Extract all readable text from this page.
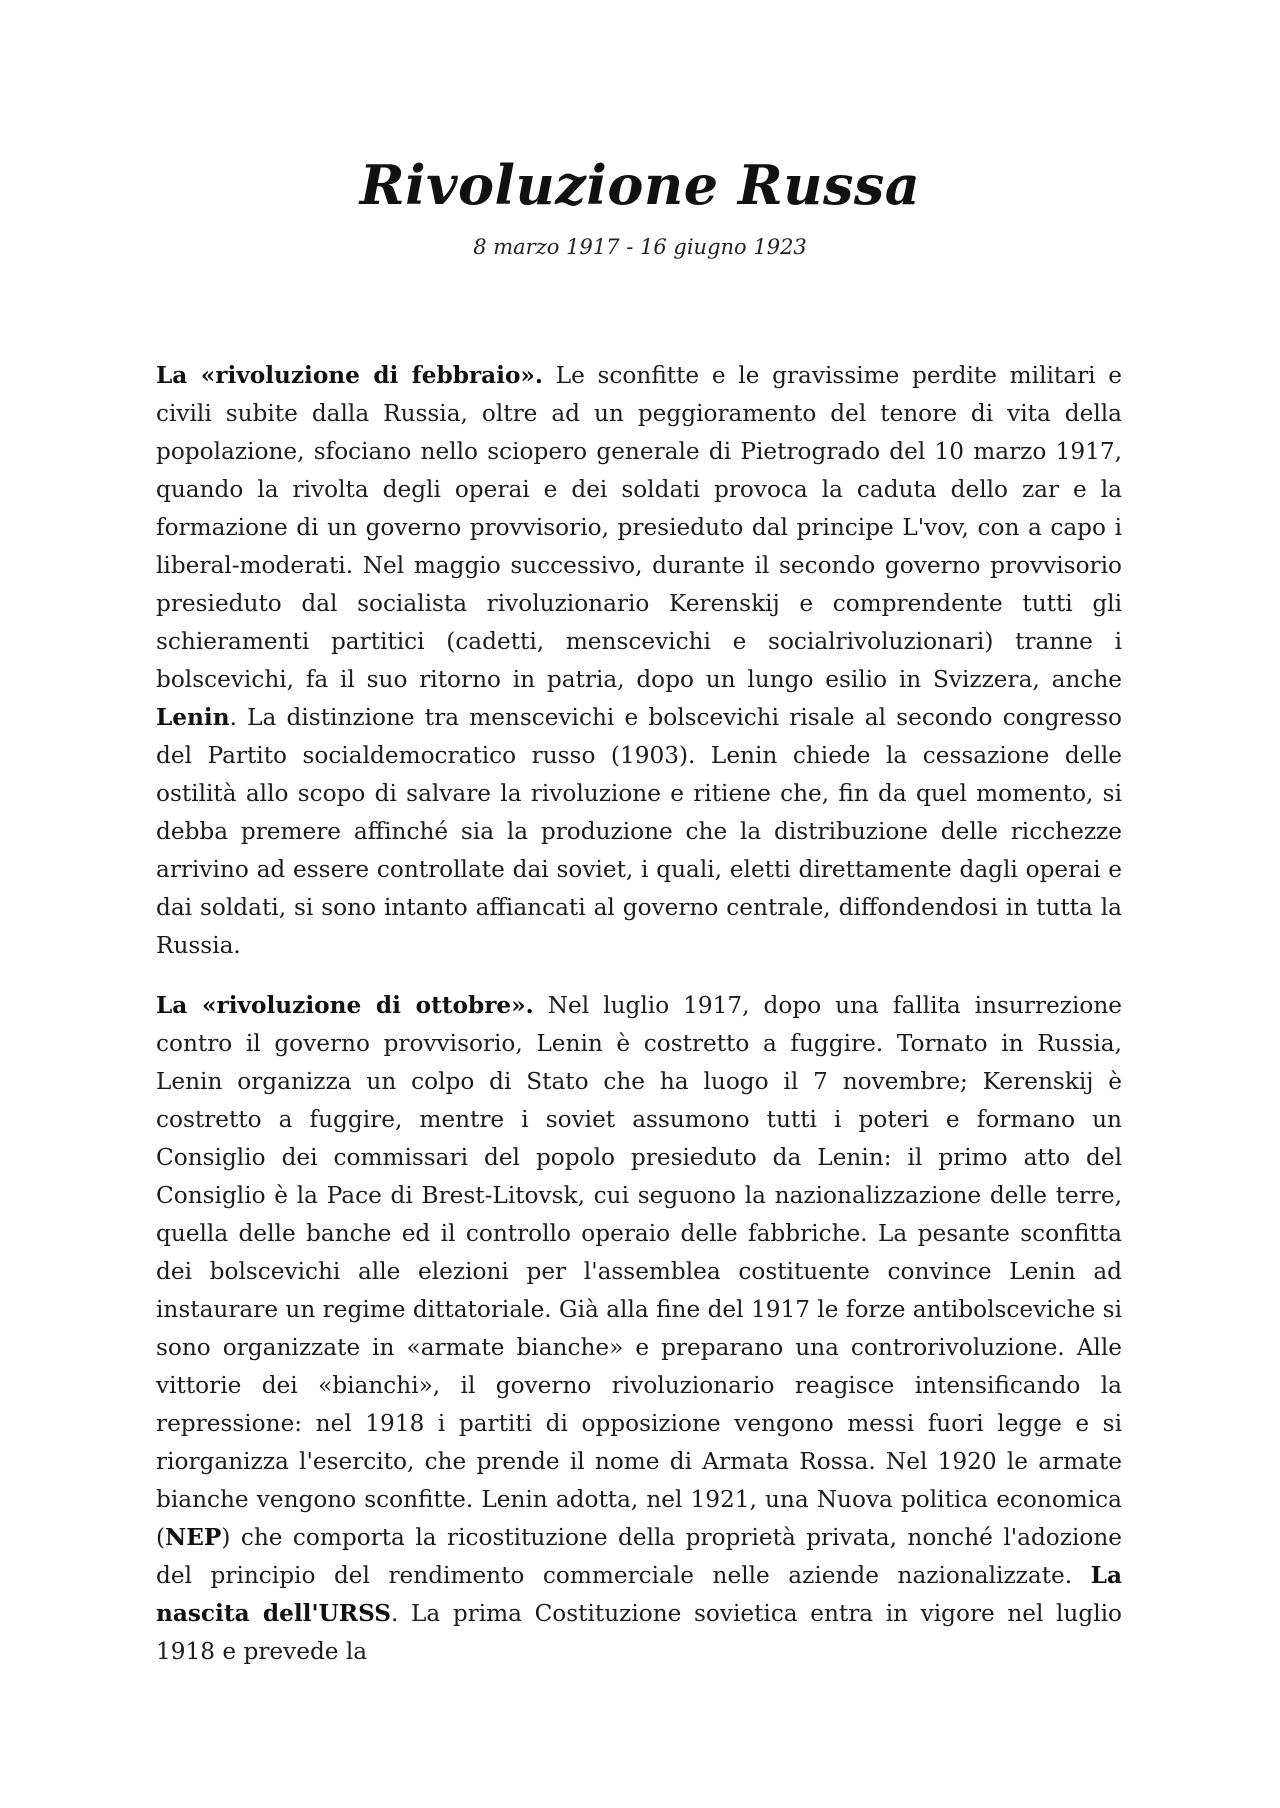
Rivoluzione Russa

8 marzo 1917 - 16 giugno 1923

La «rivoluzione di febbraio». Le sconfitte e le gravissime perdite militari e civili subite dalla Russia, oltre ad un peggioramento del tenore di vita della popolazione, sfociano nello sciopero generale di Pietrogrado del 10 marzo 1917, quando la rivolta degli operai e dei soldati provoca la caduta dello zar e la formazione di un governo provvisorio, presieduto dal principe L'vov, con a capo i liberal-moderati. Nel maggio successivo, durante il secondo governo provvisorio presieduto dal socialista rivoluzionario Kerenskij e comprendente tutti gli schieramenti partitici (cadetti, menscevichi e socialrivoluzionari) tranne i bolscevichi, fa il suo ritorno in patria, dopo un lungo esilio in Svizzera, anche Lenin. La distinzione tra menscevichi e bolscevichi risale al secondo congresso del Partito socialdemocratico russo (1903). Lenin chiede la cessazione delle ostilità allo scopo di salvare la rivoluzione e ritiene che, fin da quel momento, si debba premere affinché sia la produzione che la distribuzione delle ricchezze arrivino ad essere controllate dai soviet, i quali, eletti direttamente dagli operai e dai soldati, si sono intanto affiancati al governo centrale, diffondendosi in tutta la Russia.

La «rivoluzione di ottobre». Nel luglio 1917, dopo una fallita insurrezione contro il governo provvisorio, Lenin è costretto a fuggire. Tornato in Russia, Lenin organizza un colpo di Stato che ha luogo il 7 novembre; Kerenskij è costretto a fuggire, mentre i soviet assumono tutti i poteri e formano un Consiglio dei commissari del popolo presieduto da Lenin: il primo atto del Consiglio è la Pace di Brest-Litovsk, cui seguono la nazionalizzazione delle terre, quella delle banche ed il controllo operaio delle fabbriche. La pesante sconfitta dei bolscevichi alle elezioni per l'assemblea costituente convince Lenin ad instaurare un regime dittatoriale. Già alla fine del 1917 le forze antibolsceviche si sono organizzate in «armate bianche» e preparano una controrivoluzione. Alle vittorie dei «bianchi», il governo rivoluzionario reagisce intensificando la repressione: nel 1918 i partiti di opposizione vengono messi fuori legge e si riorganizza l'esercito, che prende il nome di Armata Rossa. Nel 1920 le armate bianche vengono sconfitte. Lenin adotta, nel 1921, una Nuova politica economica (NEP) che comporta la ricostituzione della proprietà privata, nonché l'adozione del principio del rendimento commerciale nelle aziende nazionalizzate. La nascita dell'URSS. La prima Costituzione sovietica entra in vigore nel luglio 1918 e prevede la
